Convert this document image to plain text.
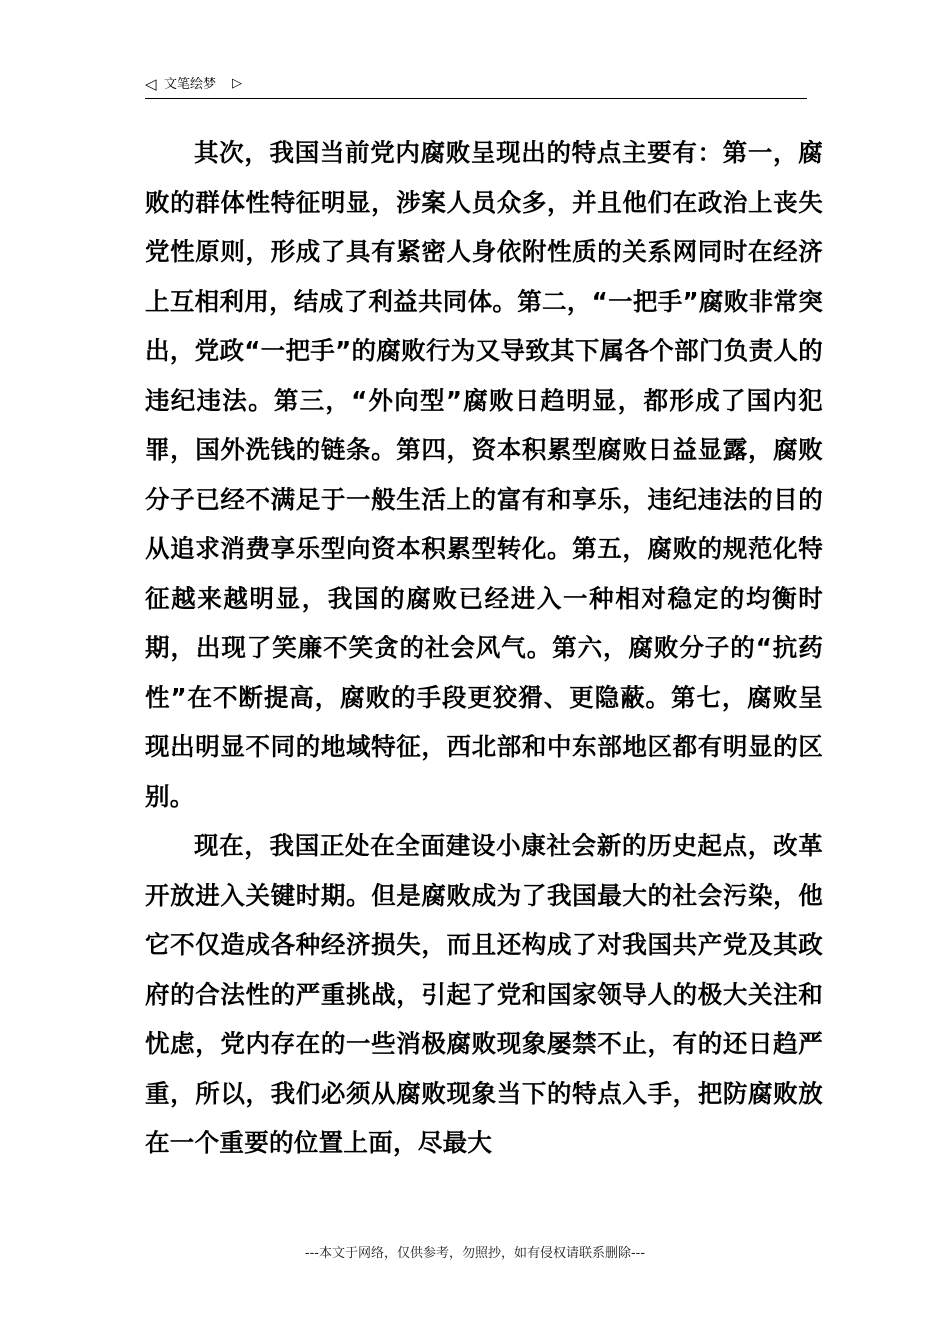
◁ 文笔绘梦 ▷

其次，我国当前党内腐败呈现出的特点主要有：第一，腐败的群体性特征明显，涉案人员众多，并且他们在政治上丧失党性原则，形成了具有紧密人身依附性质的关系网同时在经济上互相利用，结成了利益共同体。第二，“一把手”腐败非常突出，党政“一把手”的腐败行为又导致其下属各个部门负责人的违纪违法。第三，“外向型”腐败日趋明显，都形成了国内犯罪，国外洗钱的链条。第四，资本积累型腐败日益显露，腐败分子已经不满足于一般生活上的富有和享乐，违纪违法的目的从追求消费享乐型向资本积累型转化。第五，腐败的规范化特征越来越明显，我国的腐败已经进入一种相对稳定的均衡时期，出现了笑廉不笑贪的社会风气。第六，腐败分子的“抗药性”在不断提高，腐败的手段更狡猾、更隐蔽。第七，腐败呈现出明显不同的地域特征，西北部和中东部地区都有明显的区别。

现在，我国正处在全面建设小康社会新的历史起点，改革开放进入关键时期。但是腐败成为了我国最大的社会污染，他它不仅造成各种经济损失，而且还构成了对我国共产党及其政府的合法性的严重挑战，引起了党和国家领导人的极大关注和忧虑，党内存在的一些消极腐败现象屡禁不止，有的还日趋严重，所以，我们必须从腐败现象当下的特点入手，把防腐败放在一个重要的位置上面，尽最大

---本文于网络，仅供参考，勿照抄，如有侵权请联系删除---
